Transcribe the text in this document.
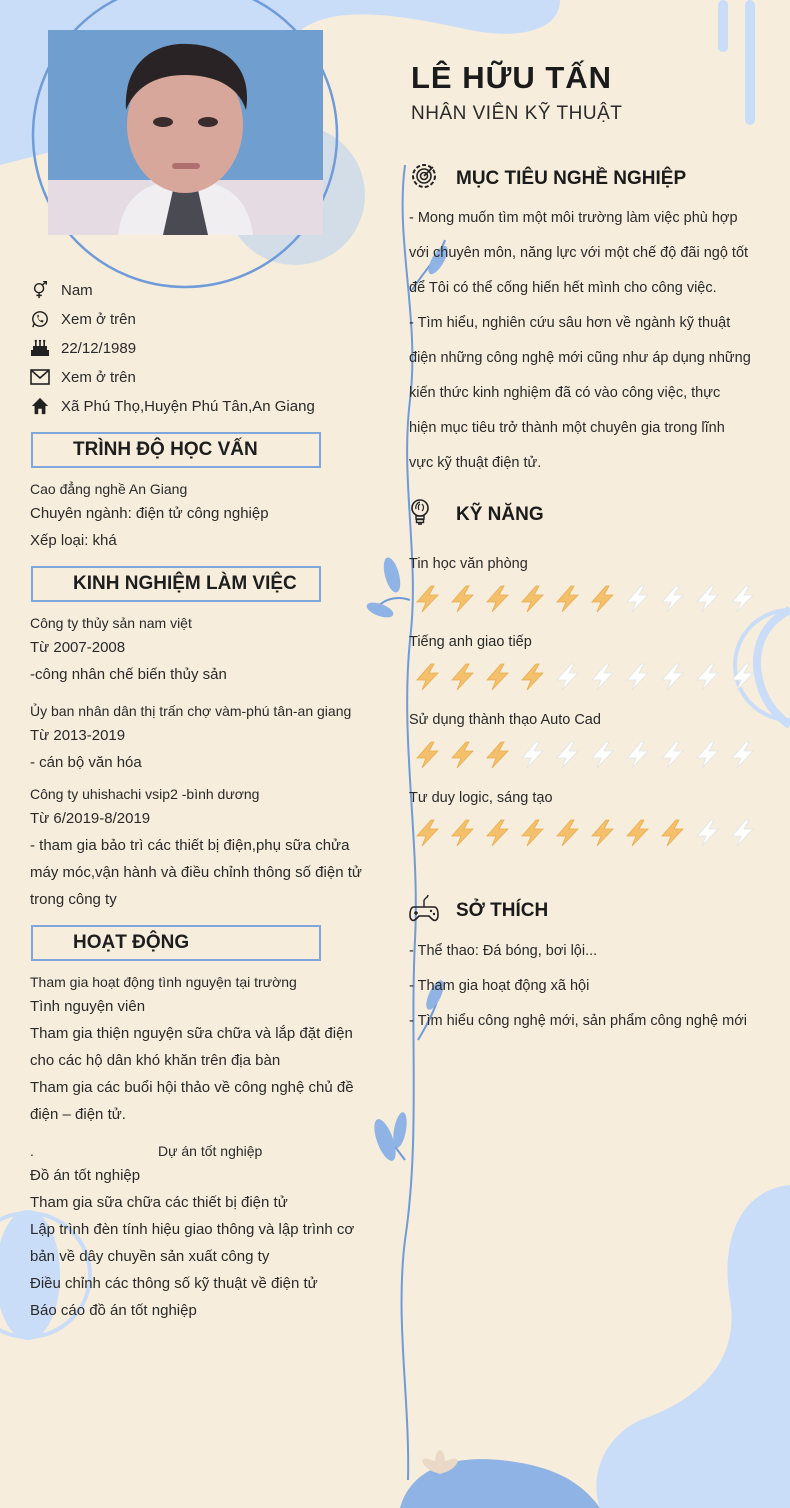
LÊ HỮU TẤN
NHÂN VIÊN KỸ THUẬT
Nam
Xem ở trên
22/12/1989
Xem ở trên
Xã Phú Thọ,Huyện Phú Tân,An Giang
TRÌNH ĐỘ HỌC VẤN
Cao đẳng nghề An Giang
Chuyên ngành: điện tử công nghiệp
Xếp loại: khá
KINH NGHIỆM LÀM VIỆC
Công ty thủy sản nam việt
Từ 2007-2008
-công nhân chế biến thủy sản
Ủy ban nhân dân thị trấn chợ vàm-phú tân-an giang
Từ 2013-2019
- cán bộ văn hóa
Công ty uhishachi vsip2 -bình dương
Từ 6/2019-8/2019
- tham gia bảo trì các thiết bị điện,phụ sữa chửa
máy móc,vận hành và điều chỉnh thông số điện tử
trong công ty
HOẠT ĐỘNG
Tham gia hoạt động tình nguyện tại trường
Tình nguyện viên
Tham gia thiện nguyện sữa chữa và lắp đặt điện
cho các hộ dân khó khăn trên địa bàn
Tham gia các buổi hội thảo về công nghệ chủ đề
điện – điện tử.
.	Dự án tốt nghiệp
Đồ án tốt nghiệp
Tham gia sữa chữa các thiết bị điện tử
Lập trình đèn tính hiệu giao thông và lập trình cơ
bản về dây chuyền sản xuất công ty
Điều chỉnh các thông số kỹ thuật về điện tử
Báo cáo đồ án tốt nghiệp
MỤC TIÊU NGHỀ NGHIỆP
- Mong muốn tìm một môi trường làm việc phù hợp
với chuyên môn, năng lực với một chế độ đãi ngộ tốt
để Tôi có thể cống hiến hết mình cho công việc.
- Tìm hiểu, nghiên cứu sâu hơn về ngành kỹ thuật
điện những công nghệ mới cũng như áp dụng những
kiến thức kinh nghiệm đã có vào công việc, thực
hiện mục tiêu trở thành một chuyên gia trong lĩnh
vực kỹ thuật điện tử.
KỸ NĂNG
Tin học văn phòng
Tiếng anh giao tiếp
Sử dụng thành thạo Auto Cad
Tư duy logic, sáng tạo
SỞ THÍCH
- Thể thao: Đá bóng, bơi lội...
- Tham gia hoạt động xã hội
- Tìm hiểu công nghệ mới, sản phẩm công nghệ mới
